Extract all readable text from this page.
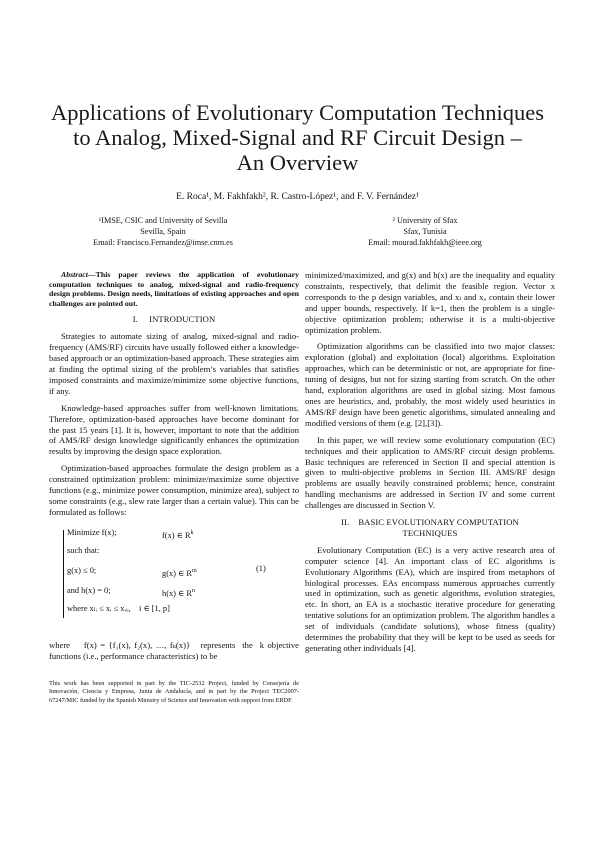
Applications of Evolutionary Computation Techniques
to Analog, Mixed-Signal and RF Circuit Design –
An Overview
E. Roca¹, M. Fakhfakh², R. Castro-López¹, and F. V. Fernández¹
¹IMSE, CSIC and University of Sevilla
Sevilla, Spain
Email: Francisco.Fernandez@imse.cnm.es
² University of Sfax
Sfax, Tunisia
Email: mourad.fakhfakh@ieee.org

Abstract—This paper reviews the application of evolutionary computation techniques to analog, mixed-signal and radio-frequency design problems. Design needs, limitations of existing approaches and open challenges are pointed out.

I.     INTRODUCTION

Strategies to automate sizing of analog, mixed-signal and radio-frequency (AMS/RF) circuits have usually followed either a knowledge-based approach or an optimization-based approach. These strategies aim at finding the optimal sizing of the problem’s variables that satisfies imposed constraints and maximize/minimize some objective functions, if any.

Knowledge-based approaches suffer from well-known limitations. Therefore, optimization-based approaches have become dominant for the past 15 years [1]. It is, however, important to note that the addition of AMS/RF design knowledge significantly enhances the optimization results by improving the design space exploration.

Optimization-based approaches formulate the design problem as a constrained optimization problem: minimize/maximize some objective functions (e.g., minimize power consumption, minimize area), subject to some constraints (e.g., slew rate larger than a certain value). This can be formulated as follows:

Minimize f(x);	f(x) ∈ $R^k$
such that:
g(x) ≤ 0;	g(x) ∈ $R^m$
and h(x) = 0;	h(x) ∈ $R^n$
where xₗᵢ ≤ xᵢ ≤ xᵤᵢ,    i ∈ [1, p]
(1)
where    f(x) = {f₁(x), f₂(x), …, fₖ(x)}   represents  the  k objective functions (i.e., performance characteristics) to be
This work has been supported in part by the TIC-2532 Project, funded by Consejería de Innovación, Ciencia y Empresa, Junta de Andalucía, and in part by the Project TEC2007-67247/MIC funded by the Spanish Ministry of Science and Innovation with support from ERDF.

minimized/maximized, and g(x) and h(x) are the inequality and equality constraints, respectively, that delimit the feasible region. Vector x corresponds to the p design variables, and xₗ and xᵤ contain their lower and upper bounds, respectively. If k=1, then the problem is a single-objective optimization problem; otherwise it is a multi-objective optimization problem.

Optimization algorithms can be classified into two major classes: exploration (global) and exploitation (local) algorithms. Exploitation approaches, which can be deterministic or not, are appropriate for fine-tuning of designs, but not for sizing starting from scratch. On the other hand, exploration algorithms are used in global sizing. Most famous ones are heuristics, and, probably, the most widely used heuristics in AMS/RF design have been genetic algorithms, simulated annealing and modified versions of them (e.g. [2],[3]).

In this paper, we will review some evolutionary computation (EC) techniques and their application to AMS/RF circuit design problems. Basic techniques are referenced in Section II and special attention is given to multi-objective problems in Section III. AMS/RF design problems are usually heavily constrained problems; hence, constraint handling mechanisms are addressed in Section IV and some current challenges are discussed in Section V.

II.    BASIC EVOLUTIONARY COMPUTATION
TECHNIQUES

Evolutionary Computation (EC) is a very active research area of computer science [4]. An important class of EC algorithms is Evolutionary Algorithms (EA), which are inspired from metaphors of biological processes. EAs encompass numerous approaches currently used in optimization, such as genetic algorithms, evolution strategies, etc. In short, an EA is a stochastic iterative procedure for generating tentative solutions for an optimization problem. The algorithm handles a set of individuals (candidate solutions), whose fitness (quality) determines the probability that they will be kept to be used as seeds for generating other individuals [4].
